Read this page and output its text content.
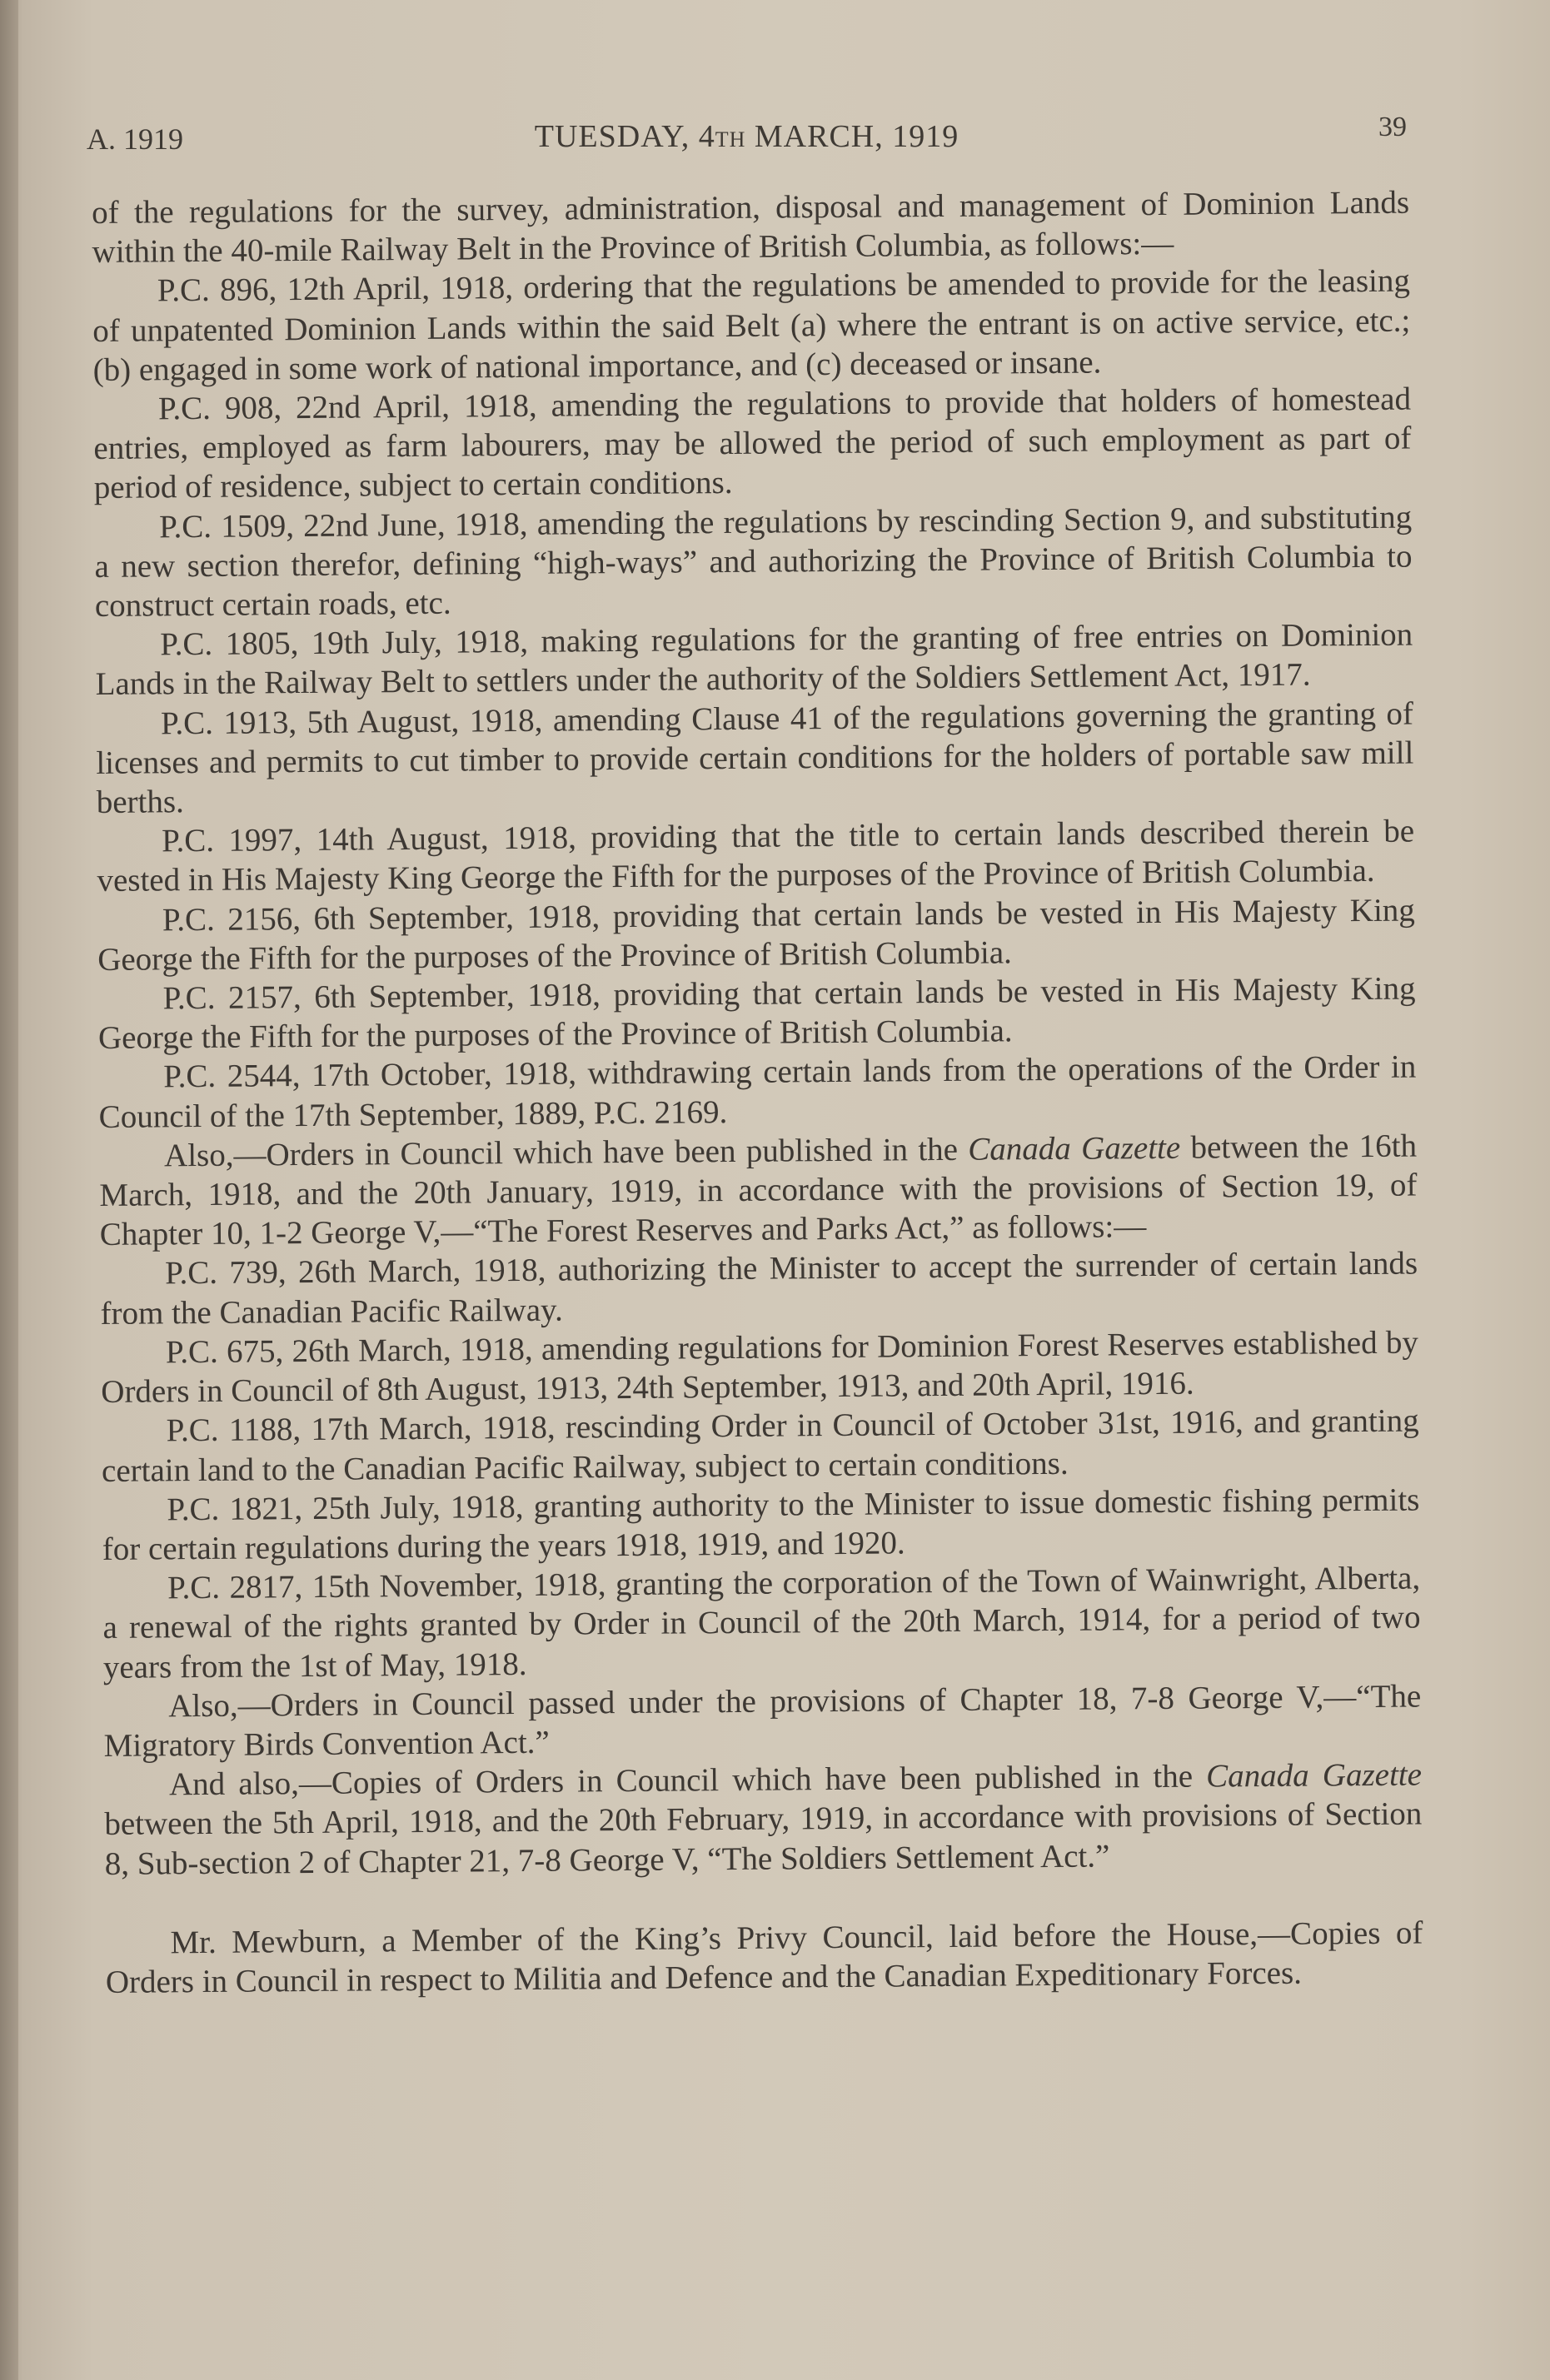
A. 1919	TUESDAY, 4TH MARCH, 1919	39

of the regulations for the survey, administration, disposal and management of Dominion Lands within the 40-mile Railway Belt in the Province of British Columbia, as follows:—

P.C. 896, 12th April, 1918, ordering that the regulations be amended to provide for the leasing of unpatented Dominion Lands within the said Belt (a) where the entrant is on active service, etc.; (b) engaged in some work of national importance, and (c) deceased or insane.

P.C. 908, 22nd April, 1918, amending the regulations to provide that holders of homestead entries, employed as farm labourers, may be allowed the period of such employment as part of period of residence, subject to certain conditions.

P.C. 1509, 22nd June, 1918, amending the regulations by rescinding Section 9, and substituting a new section therefor, defining “high-ways” and authorizing the Province of British Columbia to construct certain roads, etc.

P.C. 1805, 19th July, 1918, making regulations for the granting of free entries on Dominion Lands in the Railway Belt to settlers under the authority of the Soldiers Settlement Act, 1917.

P.C. 1913, 5th August, 1918, amending Clause 41 of the regulations governing the granting of licenses and permits to cut timber to provide certain conditions for the holders of portable saw mill berths.

P.C. 1997, 14th August, 1918, providing that the title to certain lands described therein be vested in His Majesty King George the Fifth for the purposes of the Province of British Columbia.

P.C. 2156, 6th September, 1918, providing that certain lands be vested in His Majesty King George the Fifth for the purposes of the Province of British Columbia.

P.C. 2157, 6th September, 1918, providing that certain lands be vested in His Majesty King George the Fifth for the purposes of the Province of British Columbia.

P.C. 2544, 17th October, 1918, withdrawing certain lands from the operations of the Order in Council of the 17th September, 1889, P.C. 2169.

Also,—Orders in Council which have been published in the Canada Gazette between the 16th March, 1918, and the 20th January, 1919, in accordance with the provisions of Section 19, of Chapter 10, 1-2 George V,—“The Forest Reserves and Parks Act,” as follows:—

P.C. 739, 26th March, 1918, authorizing the Minister to accept the surrender of certain lands from the Canadian Pacific Railway.

P.C. 675, 26th March, 1918, amending regulations for Dominion Forest Reserves established by Orders in Council of 8th August, 1913, 24th September, 1913, and 20th April, 1916.

P.C. 1188, 17th March, 1918, rescinding Order in Council of October 31st, 1916, and granting certain land to the Canadian Pacific Railway, subject to certain conditions.

P.C. 1821, 25th July, 1918, granting authority to the Minister to issue domestic fishing permits for certain regulations during the years 1918, 1919, and 1920.

P.C. 2817, 15th November, 1918, granting the corporation of the Town of Wainwright, Alberta, a renewal of the rights granted by Order in Council of the 20th March, 1914, for a period of two years from the 1st of May, 1918.

Also,—Orders in Council passed under the provisions of Chapter 18, 7-8 George V,—“The Migratory Birds Convention Act.”

And also,—Copies of Orders in Council which have been published in the Canada Gazette between the 5th April, 1918, and the 20th February, 1919, in accordance with provisions of Section 8, Sub-section 2 of Chapter 21, 7-8 George V, “The Soldiers Settlement Act.”

Mr. Mewburn, a Member of the King’s Privy Council, laid before the House,—Copies of Orders in Council in respect to Militia and Defence and the Canadian Expeditionary Forces.
